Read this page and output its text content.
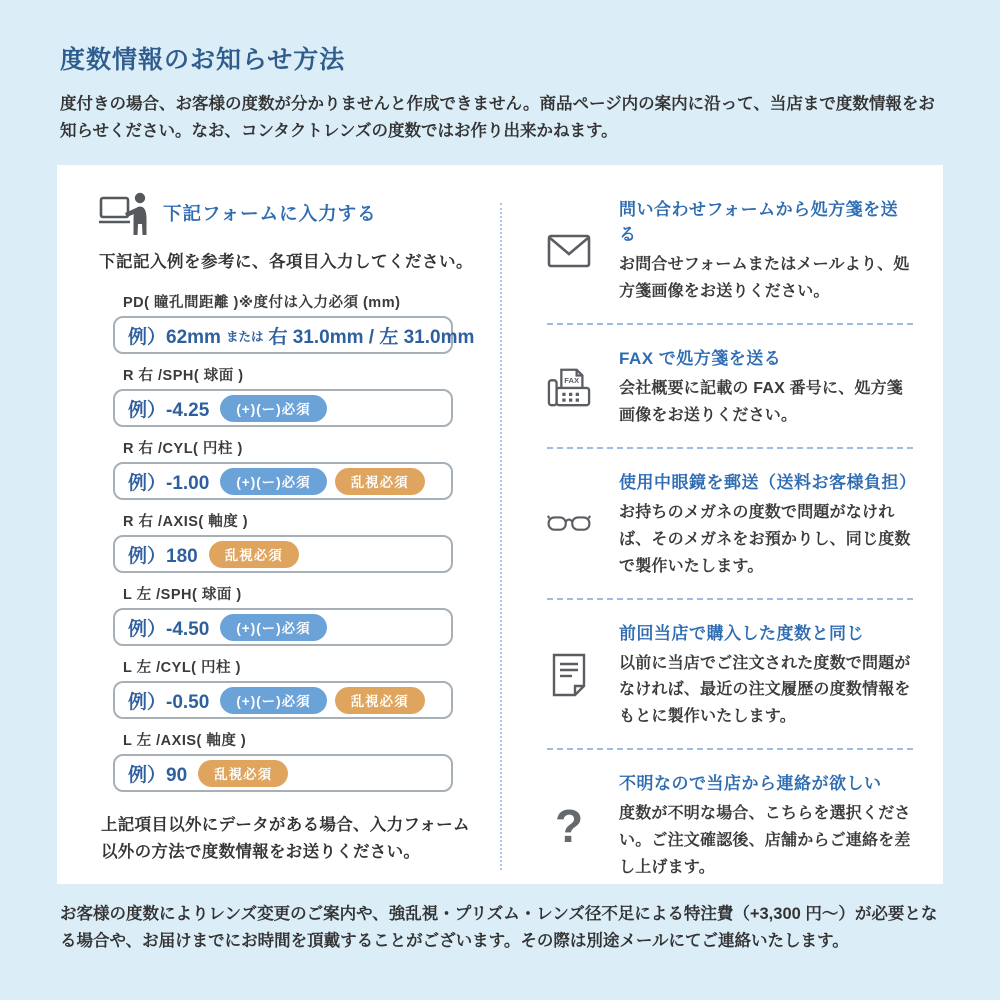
度数情報のお知らせ方法

度付きの場合、お客様の度数が分かりませんと作成できません。商品ページ内の案内に沿って、当店まで度数情報をお知らせください。なお、コンタクトレンズの度数ではお作り出来かねます。

下記フォームに入力する

下記記入例を参考に、各項目入力してください。

PD( 瞳孔間距離 )※度付は入力必須 (mm)
例）62mm または 右 31.0mm / 左 31.0mm
R 右 /SPH( 球面 )
例）-4.25	(+)(ー)必須
R 右 /CYL( 円柱 )
例）-1.00	(+)(ー)必須	乱視必須
R 右 /AXIS( 軸度 )
例）180	乱視必須
L 左 /SPH( 球面 )
例）-4.50	(+)(ー)必須
L 左 /CYL( 円柱 )
例）-0.50	(+)(ー)必須	乱視必須
L 左 /AXIS( 軸度 )
例）90	乱視必須

上記項目以外にデータがある場合、入力フォーム以外の方法で度数情報をお送りください。

問い合わせフォームから処方箋を送る
お問合せフォームまたはメールより、処方箋画像をお送りください。
FAX
FAX で処方箋を送る
会社概要に記載の FAX 番号に、処方箋画像をお送りください。
使用中眼鏡を郵送（送料お客様負担）
お持ちのメガネの度数で問題がなければ、そのメガネをお預かりし、同じ度数で製作いたします。
前回当店で購入した度数と同じ
以前に当店でご注文された度数で問題がなければ、最近の注文履歴の度数情報をもとに製作いたします。
?
不明なので当店から連絡が欲しい
度数が不明な場合、こちらを選択ください。ご注文確認後、店舗からご連絡を差し上げます。

お客様の度数によりレンズ変更のご案内や、強乱視・プリズム・レンズ径不足による特注費（+3,300 円〜）が必要となる場合や、お届けまでにお時間を頂戴することがございます。その際は別途メールにてご連絡いたします。
